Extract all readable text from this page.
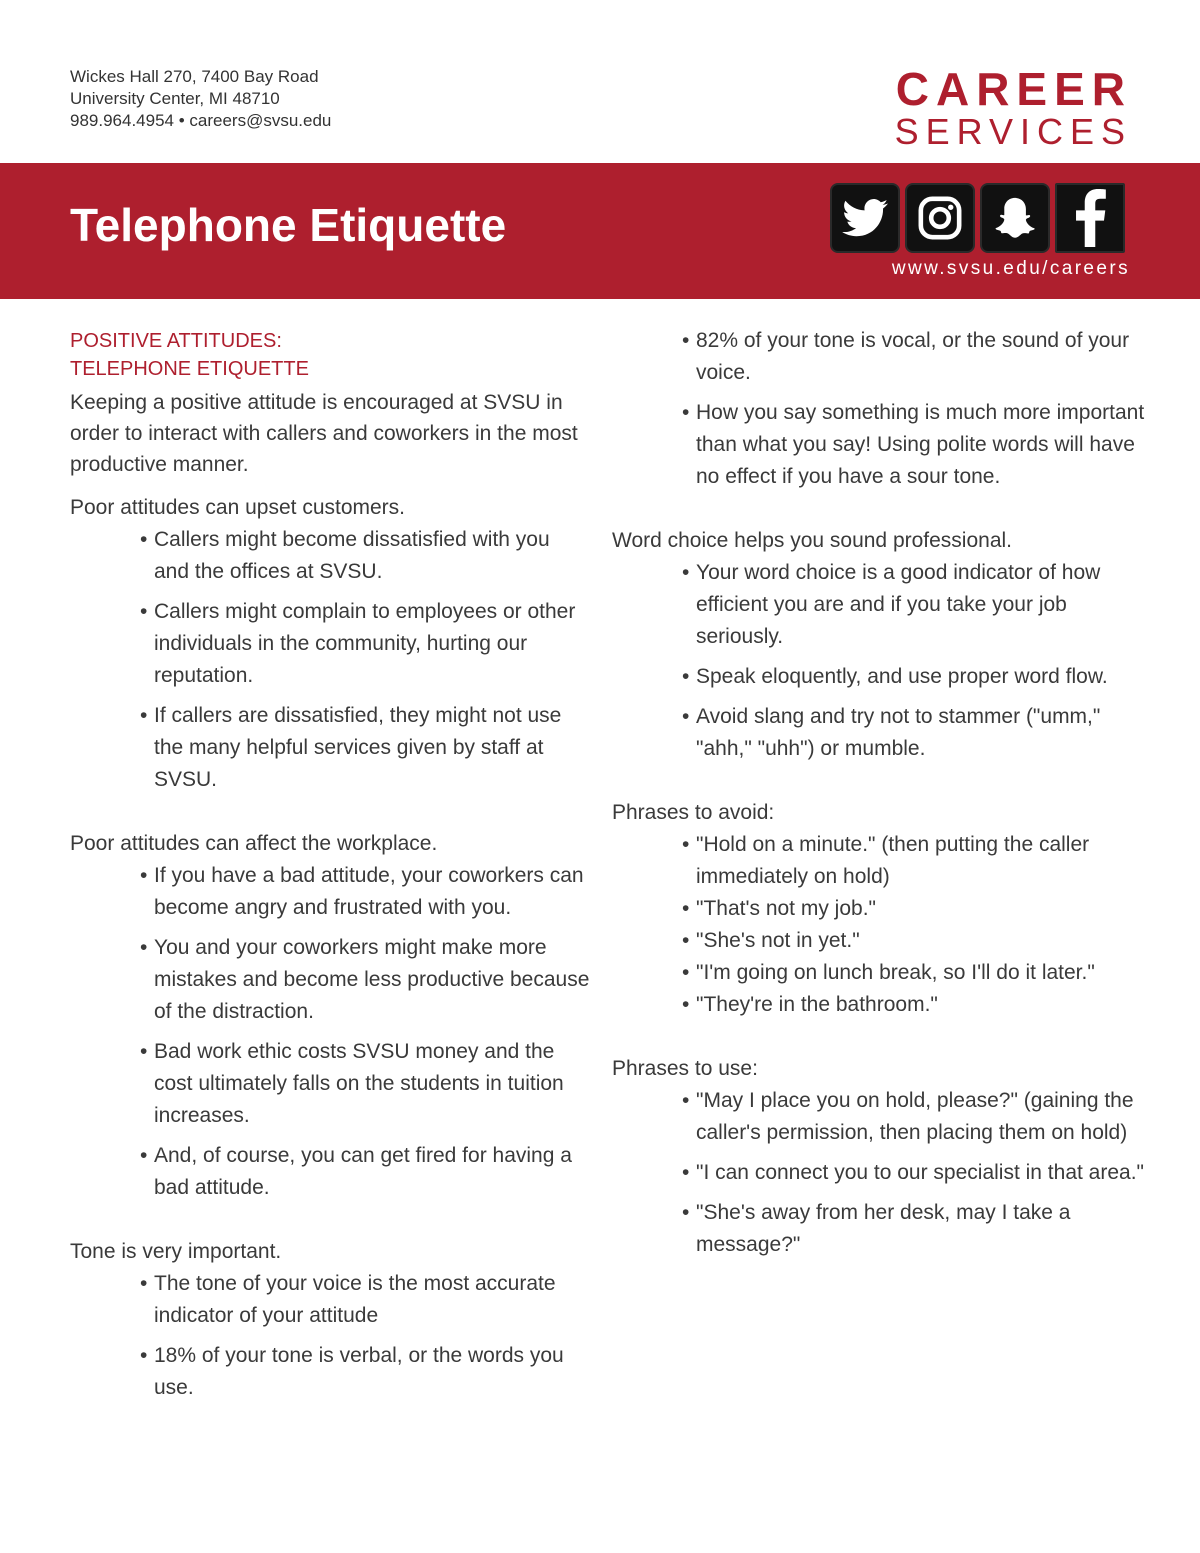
Wickes Hall 270, 7400 Bay Road
University Center, MI 48710
989.964.4954 • careers@svsu.edu
CAREER
SERVICES
Telephone Etiquette
www.svsu.edu/careers
POSITIVE ATTITUDES:
TELEPHONE ETIQUETTE
Keeping a positive attitude is encouraged at SVSU in order to interact with callers and coworkers in the most productive manner.
Poor attitudes can upset customers.
• Callers might become dissatisfied with you and the offices at SVSU.
• Callers might complain to employees or other individuals in the community, hurting our reputation.
• If callers are dissatisfied, they might not use the many helpful services given by staff at SVSU.
Poor attitudes can affect the workplace.
• If you have a bad attitude, your coworkers can become angry and frustrated with you.
• You and your coworkers might make more mistakes and become less productive because of the distraction.
• Bad work ethic costs SVSU money and the cost ultimately falls on the students in tuition increases.
• And, of course, you can get fired for having a bad attitude.
Tone is very important.
• The tone of your voice is the most accurate indicator of your attitude
• 18% of your tone is verbal, or the words you use.
• 82% of your tone is vocal, or the sound of your voice.
• How you say something is much more important than what you say! Using polite words will have no effect if you have a sour tone.
Word choice helps you sound professional.
• Your word choice is a good indicator of how efficient you are and if you take your job seriously.
• Speak eloquently, and use proper word flow.
• Avoid slang and try not to stammer ("umm," "ahh," "uhh") or mumble.
Phrases to avoid:
• "Hold on a minute." (then putting the caller immediately on hold)
• "That's not my job."
• "She's not in yet."
• "I'm going on lunch break, so I'll do it later."
• "They're in the bathroom."
Phrases to use:
• "May I place you on hold, please?" (gaining the caller's permission, then placing them on hold)
• "I can connect you to our specialist in that area."
• "She's away from her desk, may I take a message?"
